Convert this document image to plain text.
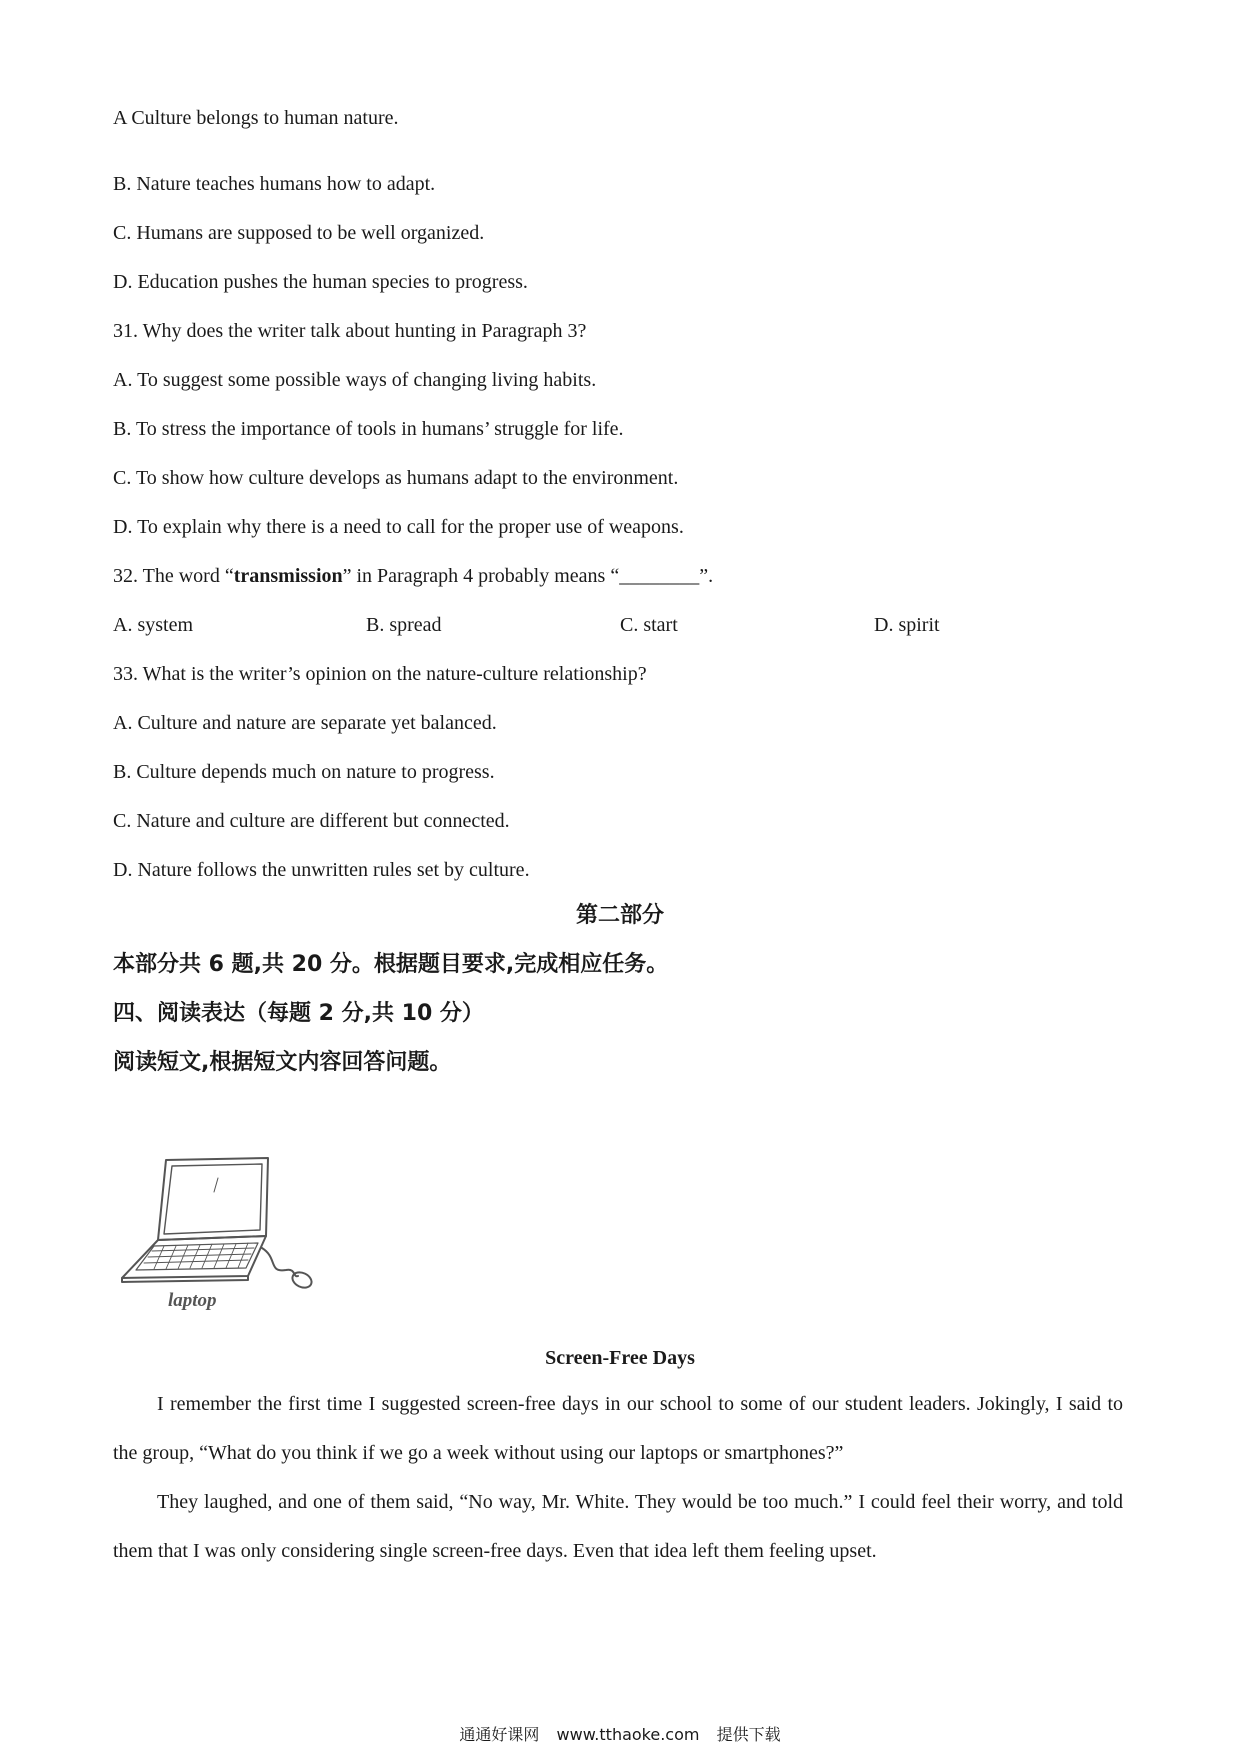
A Culture belongs to human nature.
B. Nature teaches humans how to adapt.
C. Humans are supposed to be well organized.
D. Education pushes the human species to progress.
31. Why does the writer talk about hunting in Paragraph 3?
A. To suggest some possible ways of changing living habits.
B. To stress the importance of tools in humans’ struggle for life.
C. To show how culture develops as humans adapt to the environment.
D. To explain why there is a need to call for the proper use of weapons.
32. The word “transmission” in Paragraph 4 probably means “________”.
A. system	B. spread	C. start	D. spirit
33. What is the writer’s opinion on the nature-culture relationship?
A. Culture and nature are separate yet balanced.
B. Culture depends much on nature to progress.
C. Nature and culture are different but connected.
D. Nature follows the unwritten rules set by culture.
第二部分
本部分共 6 题,共 20 分。根据题目要求,完成相应任务。
四、阅读表达（每题 2 分,共 10 分）
阅读短文,根据短文内容回答问题。
laptop
Screen-Free Days
I remember the first time I suggested screen-free days in our school to some of our student leaders. Jokingly, I said to the group, “What do you think if we go a week without using our laptops or smartphones?”
They laughed, and one of them said, “No way, Mr. White. They would be too much.” I could feel their worry, and told them that I was only considering single screen-free days. Even that idea left them feeling upset.
通通好课网 www.tthaoke.com 提供下载
